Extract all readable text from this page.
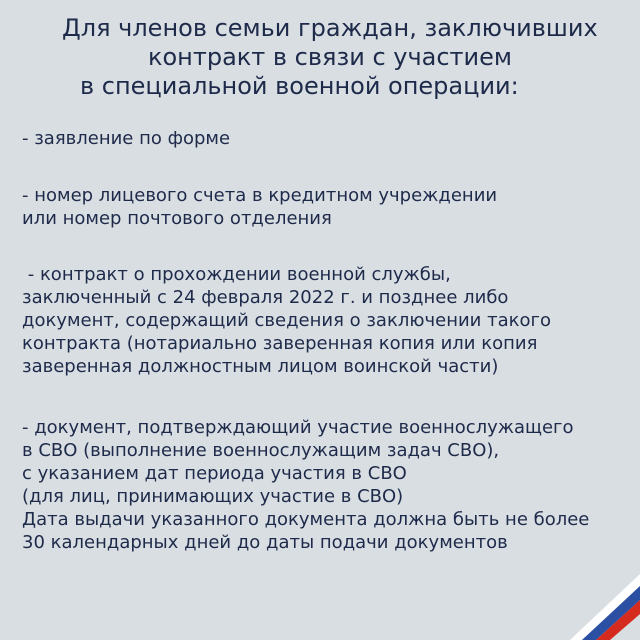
Для членов семьи граждан, заключивших
контракт в связи с участием
в специальной военной операции:

- заявление по форме

- номер лицевого счета в кредитном учреждении
или номер почтового отделения

- контракт о прохождении военной службы,
заключенный с 24 февраля 2022 г. и позднее либо
документ, содержащий сведения о заключении такого
контракта (нотариально заверенная копия или копия
заверенная должностным лицом воинской части)

- документ, подтверждающий участие военнослужащего
в СВО (выполнение военнослужащим задач СВО),
с указанием дат периода участия в СВО
(для лиц, принимающих участие в СВО)
Дата выдачи указанного документа должна быть не более
30 календарных дней до даты подачи документов
